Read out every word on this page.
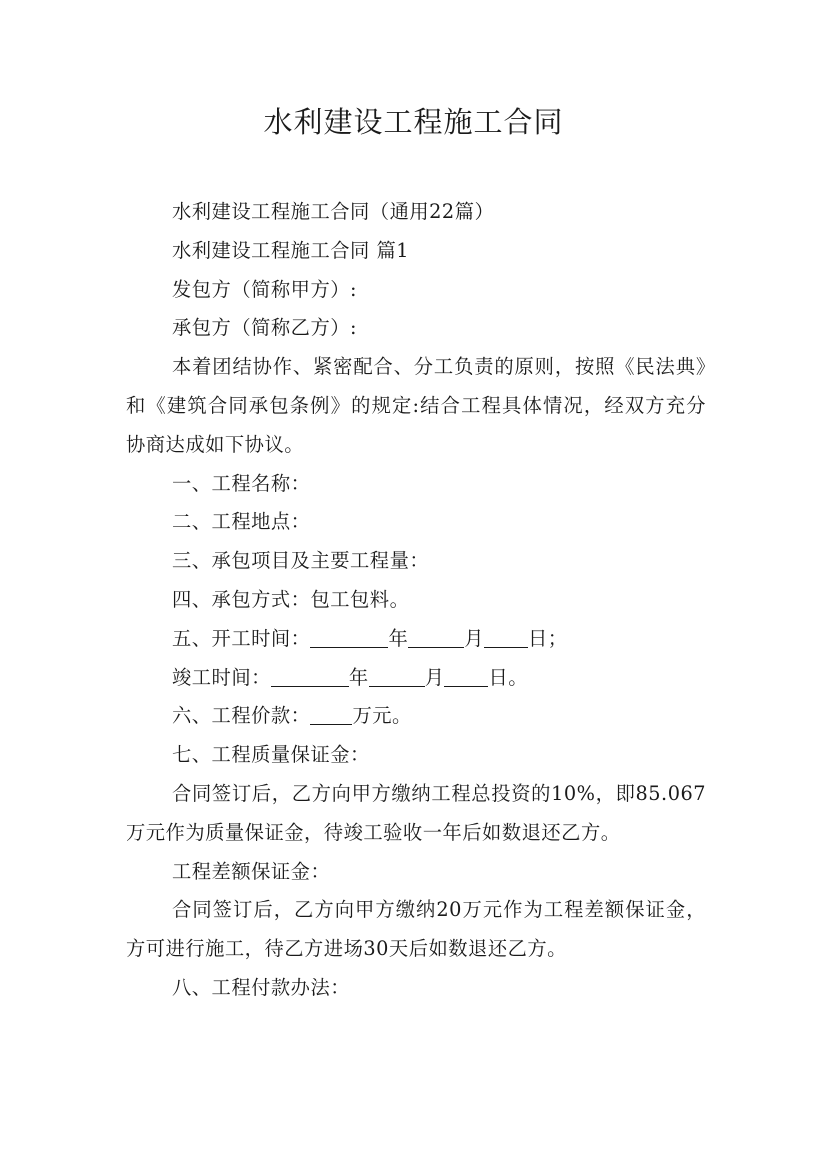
水利建设工程施工合同

水利建设工程施工合同（通用22篇）

水利建设工程施工合同 篇1

发包方（简称甲方）:

承包方（简称乙方）:

本着团结协作、紧密配合、分工负责的原则，按照《民法典》和《建筑合同承包条例》的规定:结合工程具体情况，经双方充分协商达成如下协议。

一、工程名称：

二、工程地点：

三、承包项目及主要工程量：

四、承包方式：包工包料。

五、开工时间：	年	月 日；

竣工时间：	年	月 日。

六、工程价款： 万元。

七、工程质量保证金：

合同签订后，乙方向甲方缴纳工程总投资的10%，即85.067万元作为质量保证金，待竣工验收一年后如数退还乙方。

工程差额保证金：

合同签订后，乙方向甲方缴纳20万元作为工程差额保证金，方可进行施工，待乙方进场30天后如数退还乙方。

八、工程付款办法：
